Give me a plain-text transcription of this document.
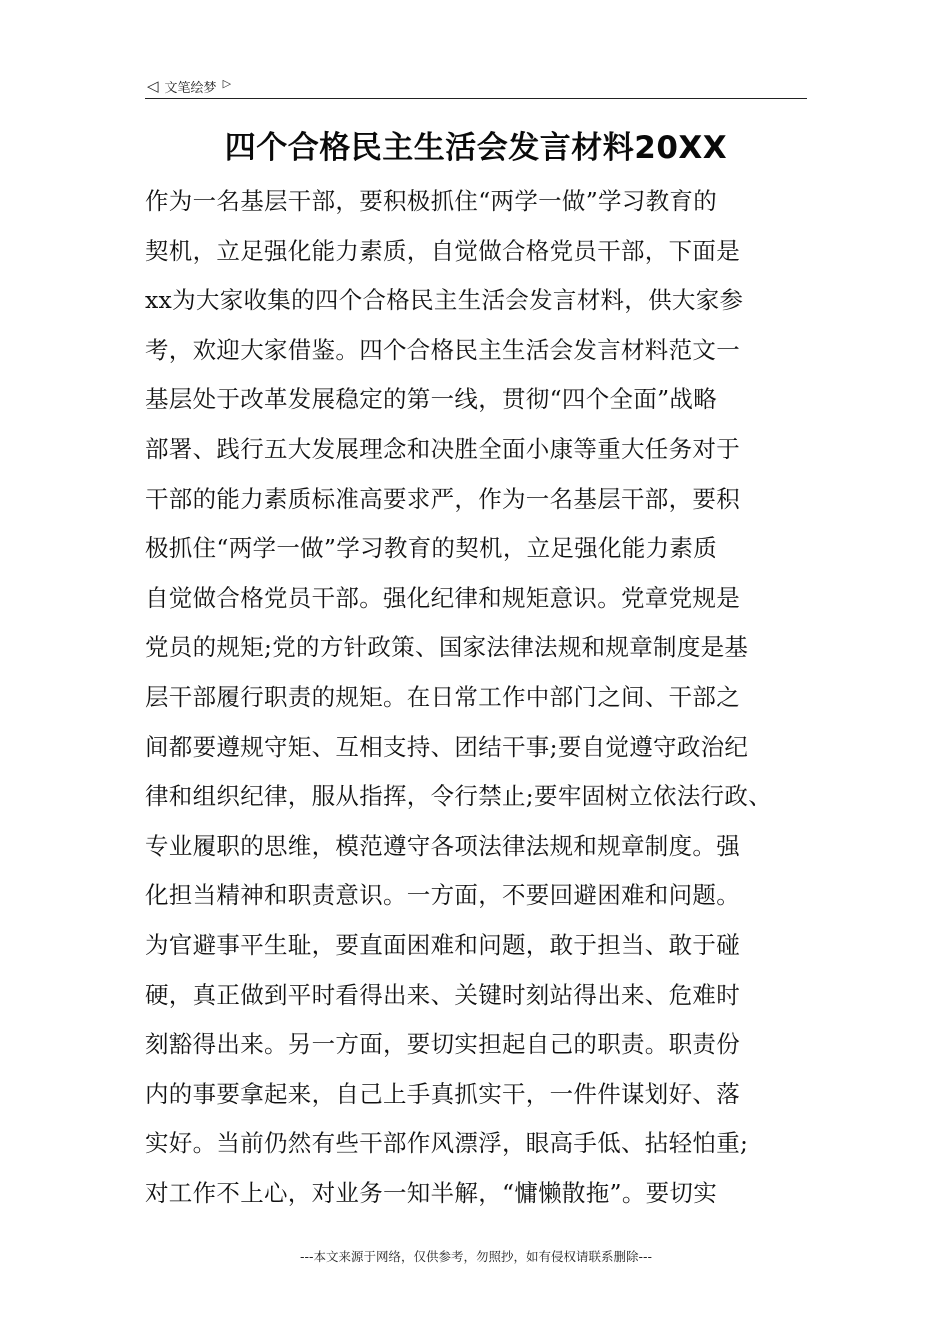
◁ 文笔绘梦 ▷
四个合格民主生活会发言材料20XX
作为一名基层干部，要积极抓住“两学一做”学习教育的
契机，立足强化能力素质，自觉做合格党员干部，下面是
xx为大家收集的四个合格民主生活会发言材料，供大家参
考，欢迎大家借鉴。四个合格民主生活会发言材料范文一
基层处于改革发展稳定的第一线，贯彻“四个全面”战略
部署、践行五大发展理念和决胜全面小康等重大任务对于
干部的能力素质标准高要求严，作为一名基层干部，要积
极抓住“两学一做”学习教育的契机，立足强化能力素质
自觉做合格党员干部。强化纪律和规矩意识。党章党规是
党员的规矩;党的方针政策、国家法律法规和规章制度是基
层干部履行职责的规矩。在日常工作中部门之间、干部之
间都要遵规守矩、互相支持、团结干事;要自觉遵守政治纪
律和组织纪律，服从指挥，令行禁止;要牢固树立依法行政、
专业履职的思维，模范遵守各项法律法规和规章制度。强
化担当精神和职责意识。一方面，不要回避困难和问题。
为官避事平生耻，要直面困难和问题，敢于担当、敢于碰
硬，真正做到平时看得出来、关键时刻站得出来、危难时
刻豁得出来。另一方面，要切实担起自己的职责。职责份
内的事要拿起来，自己上手真抓实干，一件件谋划好、落
实好。当前仍然有些干部作风漂浮，眼高手低、拈轻怕重;
对工作不上心，对业务一知半解，“慵懒散拖”。要切实
---本文来源于网络，仅供参考，勿照抄，如有侵权请联系删除---
